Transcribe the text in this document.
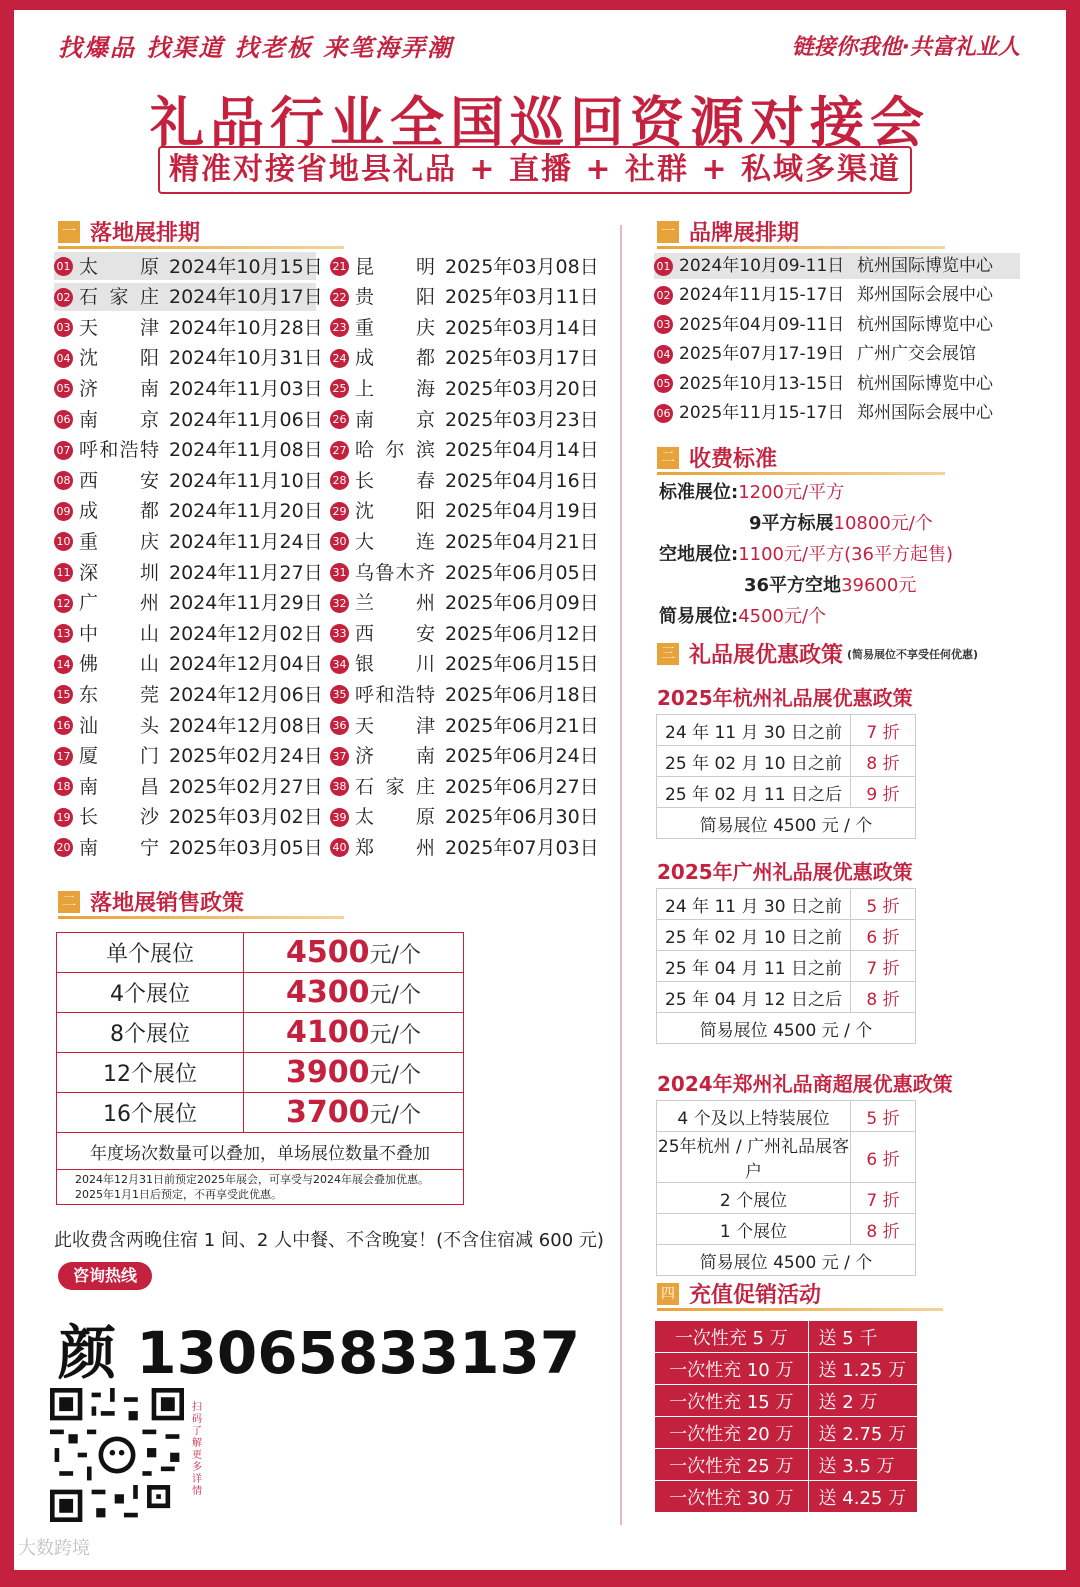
找爆品 找渠道 找老板 来笔海弄潮	链接你我他·共富礼业人
礼品行业全国巡回资源对接会
精准对接省地县礼品 + 直播 + 社群 + 私域多渠道
一 落地展排期
01 太原 2024年10月15日
02 石家庄 2024年10月17日
03 天津 2024年10月28日
04 沈阳 2024年10月31日
05 济南 2024年11月03日
06 南京 2024年11月06日
07 呼和浩特 2024年11月08日
08 西安 2024年11月10日
09 成都 2024年11月20日
10 重庆 2024年11月24日
11 深圳 2024年11月27日
12 广州 2024年11月29日
13 中山 2024年12月02日
14 佛山 2024年12月04日
15 东莞 2024年12月06日
16 汕头 2024年12月08日
17 厦门 2025年02月24日
18 南昌 2025年02月27日
19 长沙 2025年03月02日
20 南宁 2025年03月05日
21 昆明 2025年03月08日
22 贵阳 2025年03月11日
23 重庆 2025年03月14日
24 成都 2025年03月17日
25 上海 2025年03月20日
26 南京 2025年03月23日
27 哈尔滨 2025年04月14日
28 长春 2025年04月16日
29 沈阳 2025年04月19日
30 大连 2025年04月21日
31 乌鲁木齐 2025年06月05日
32 兰州 2025年06月09日
33 西安 2025年06月12日
34 银川 2025年06月15日
35 呼和浩特 2025年06月18日
36 天津 2025年06月21日
37 济南 2025年06月24日
38 石家庄 2025年06月27日
39 太原 2025年06月30日
40 郑州 2025年07月03日
二 落地展销售政策
单个展位	4500元/个
4个展位	4300元/个
8个展位	4100元/个
12个展位	3900元/个
16个展位	3700元/个
年度场次数量可以叠加，单场展位数量不叠加	

2024年12月31日前预定2025年展会，可享受与2024年展会叠加优惠。
2025年1月1日后预定，不再享受此优惠。	
此收费含两晚住宿 1 间、2 人中餐、不含晚宴！(不含住宿减 600 元)
咨询热线
颜 13065833137
扫码了解更多详情
大数跨境
一 品牌展排期
01 2024年10月09-11日 杭州国际博览中心
02 2024年11月15-17日 郑州国际会展中心
03 2025年04月09-11日 杭州国际博览中心
04 2025年07月17-19日 广州广交会展馆
05 2025年10月13-15日 杭州国际博览中心
06 2025年11月15-17日 郑州国际会展中心
二 收费标准
标准展位:1200元/平方
9平方标展10800元/个
空地展位:1100元/平方(36平方起售)
36平方空地39600元
简易展位:4500元/个
三 礼品展优惠政策 (简易展位不享受任何优惠)
2025年杭州礼品展优惠政策
24 年 11 月 30 日之前	7 折
25 年 02 月 10 日之前	8 折
25 年 02 月 11 日之后	9 折
简易展位 4500 元 / 个	
2025年广州礼品展优惠政策
24 年 11 月 30 日之前	5 折
25 年 02 月 10 日之前	6 折
25 年 04 月 11 日之前	7 折
25 年 04 月 12 日之后	8 折
简易展位 4500 元 / 个	
2024年郑州礼品商超展优惠政策
4 个及以上特装展位	5 折
25年杭州 / 广州礼品展客户	6 折
2 个展位	7 折
1 个展位	8 折
简易展位 4500 元 / 个	
四 充值促销活动
一次性充 5 万	送 5 千
一次性充 10 万	送 1.25 万
一次性充 15 万	送 2 万
一次性充 20 万	送 2.75 万
一次性充 25 万	送 3.5 万
一次性充 30 万	送 4.25 万
